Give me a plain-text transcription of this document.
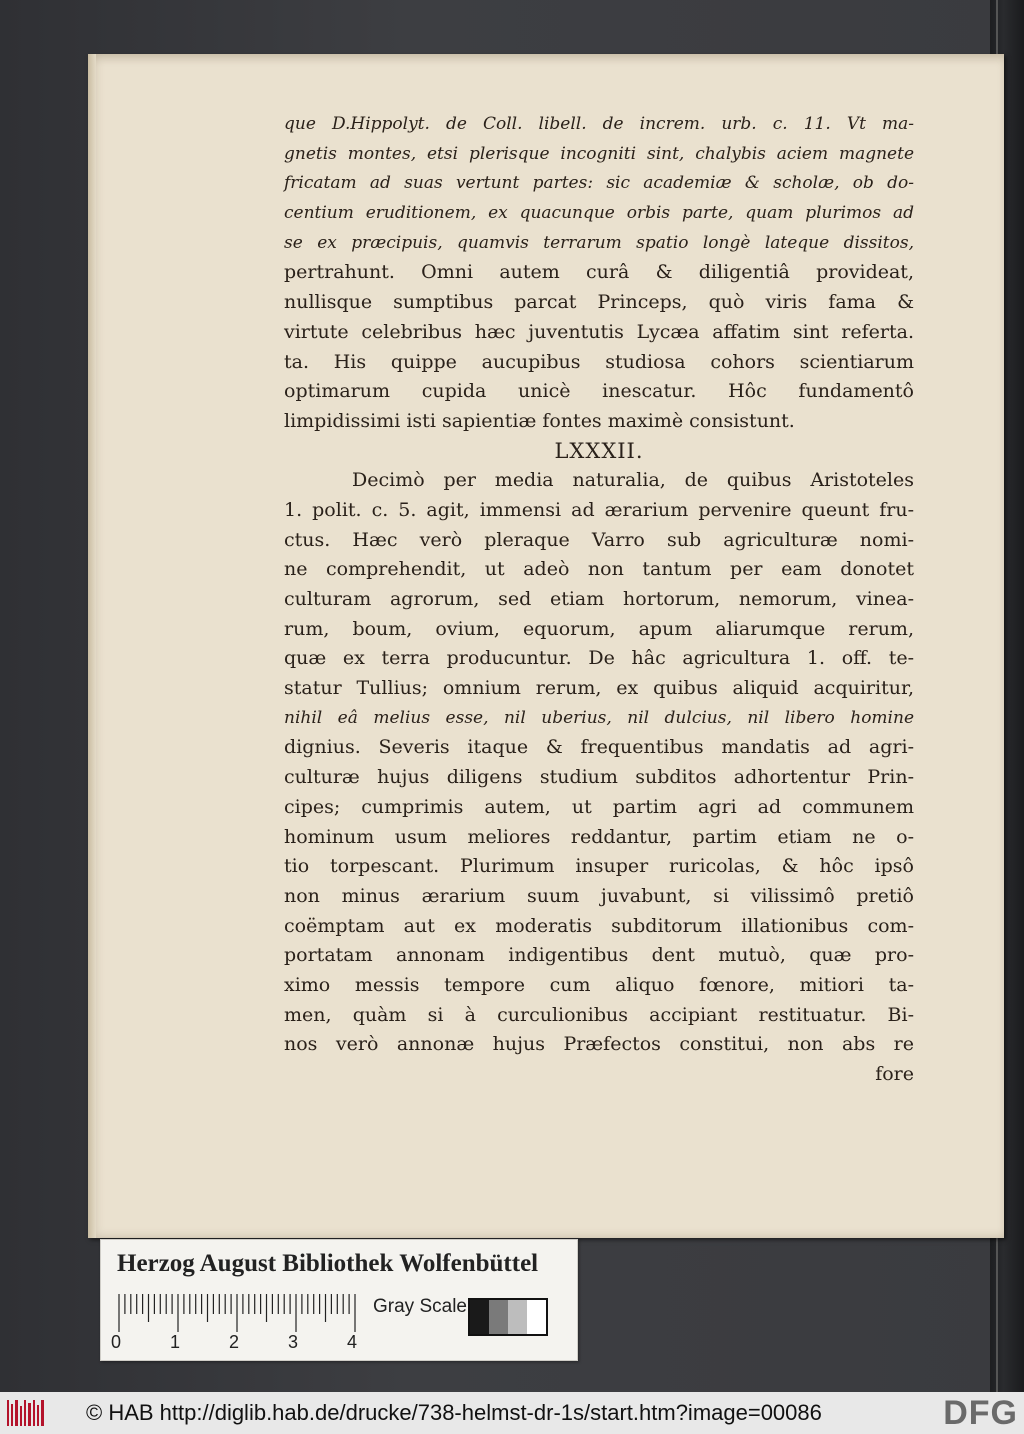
que D.Hippolyt. de Coll. libell. de increm. urb. c. 11. Vt ma-
gnetis montes, etsi plerisque incogniti sint, chalybis aciem magnete
fricatam ad suas vertunt partes: sic academiæ & scholæ, ob do-
centium eruditionem, ex quacunque orbis parte, quam plurimos ad
se ex præcipuis, quamvis terrarum spatio longè lateque dissitos,
pertrahunt. Omni autem curâ & diligentiâ provideat,
nullisque sumptibus parcat Princeps, quò viris fama &
virtute celebribus hæc juventutis Lycæa affatim sint referta.
ta. His quippe aucupibus studiosa cohors scientiarum
optimarum cupida unicè inescatur. Hôc fundamentô
limpidissimi isti sapientiæ fontes maximè consistunt.
LXXXII.
Decimò per media naturalia, de quibus Aristoteles
1. polit. c. 5. agit, immensi ad ærarium pervenire queunt fru-
ctus. Hæc verò pleraque Varro sub agriculturæ nomi-
ne comprehendit, ut adeò non tantum per eam donotet
culturam agrorum, sed etiam hortorum, nemorum, vinea-
rum, boum, ovium, equorum, apum aliarumque rerum,
quæ ex terra producuntur. De hâc agricultura 1. off. te-
statur Tullius; omnium rerum, ex quibus aliquid acquiritur,
nihil eâ melius esse, nil uberius, nil dulcius, nil libero homine
dignius. Severis itaque & frequentibus mandatis ad agri-
culturæ hujus diligens studium subditos adhortentur Prin-
cipes; cumprimis autem, ut partim agri ad communem
hominum usum meliores reddantur, partim etiam ne o-
tio torpescant. Plurimum insuper ruricolas, & hôc ipsô
non minus ærarium suum juvabunt, si vilissimô pretiô
coëmptam aut ex moderatis subditorum illationibus com-
portatam annonam indigentibus dent mutuò, quæ pro-
ximo messis tempore cum aliquo fœnore, mitiori ta-
men, quàm si à curculionibus accipiant restituatur. Bi-
nos verò annonæ hujus Præfectos constitui, non abs re
fore
Herzog August Bibliothek Wolfenbüttel
0	1	2	3	4
Gray Scale
© HAB http://diglib.hab.de/drucke/738-helmst-dr-1s/start.htm?image=00086	DFG
